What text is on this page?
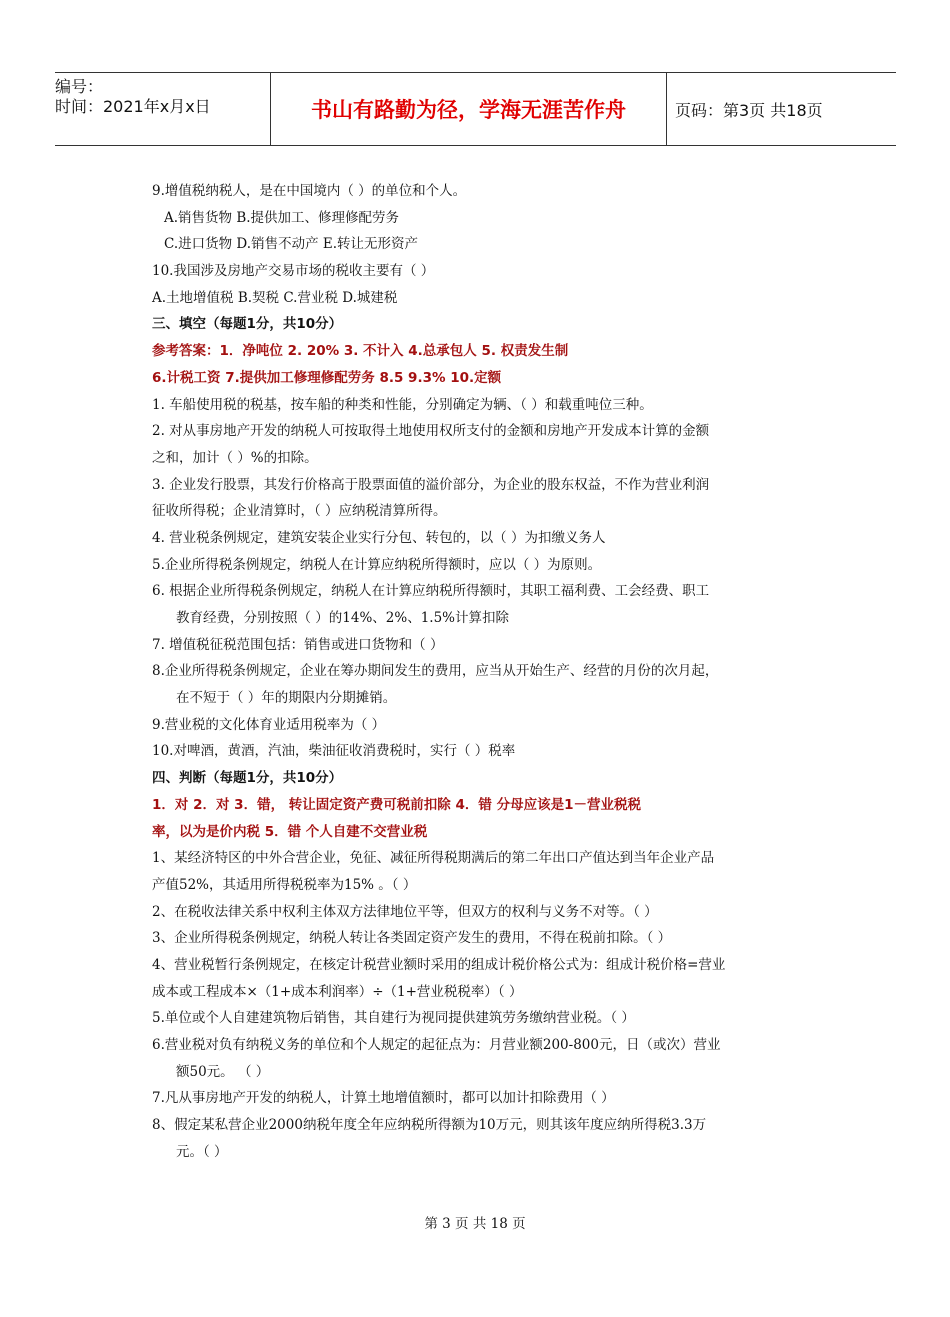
编号：
时间：2021年x月x日	书山有路勤为径，学海无涯苦作舟	页码：第3页 共18页
9.增值税纳税人，是在中国境内（ ）的单位和个人。
A.销售货物 B.提供加工、修理修配劳务
C.进口货物 D.销售不动产 E.转让无形资产
10.我国涉及房地产交易市场的税收主要有（ ）
A.土地增值税 B.契税 C.营业税 D.城建税
三、填空（每题1分，共10分）
参考答案：1．净吨位 2. 20% 3. 不计入 4.总承包人 5. 权责发生制
6.计税工资 7.提供加工修理修配劳务 8.5 9.3% 10.定额
1. 车船使用税的税基，按车船的种类和性能，分别确定为辆、（ ）和载重吨位三种。
2. 对从事房地产开发的纳税人可按取得土地使用权所支付的金额和房地产开发成本计算的金额
之和，加计（ ）%的扣除。
3. 企业发行股票，其发行价格高于股票面值的溢价部分，为企业的股东权益，不作为营业利润
征收所得税；企业清算时，（ ）应纳税清算所得。
4. 营业税条例规定，建筑安装企业实行分包、转包的，以（ ）为扣缴义务人
5.企业所得税条例规定，纳税人在计算应纳税所得额时，应以（ ）为原则。
6. 根据企业所得税条例规定，纳税人在计算应纳税所得额时，其职工福利费、工会经费、职工
教育经费，分别按照（ ）的14%、2%、1.5%计算扣除
7. 增值税征税范围包括：销售或进口货物和（ ）
8.企业所得税条例规定，企业在筹办期间发生的费用，应当从开始生产、经营的月份的次月起，
在不短于（ ）年的期限内分期摊销。
9.营业税的文化体育业适用税率为（ ）
10.对啤酒，黄酒，汽油，柴油征收消费税时，实行（ ）税率
四、判断（每题1分，共10分）
1．对 2．对 3．错， 转让固定资产费可税前扣除 4．错 分母应该是1－营业税税
率，以为是价内税 5．错 个人自建不交营业税
1、某经济特区的中外合营企业，免征、减征所得税期满后的第二年出口产值达到当年企业产品
产值52%，其适用所得税税率为15% 。（ ）
2、在税收法律关系中权利主体双方法律地位平等，但双方的权利与义务不对等。（ ）
3、企业所得税条例规定，纳税人转让各类固定资产发生的费用，不得在税前扣除。（ ）
4、营业税暂行条例规定，在核定计税营业额时采用的组成计税价格公式为：组成计税价格=营业
成本或工程成本×（1+成本利润率）÷（1+营业税税率）（ ）
5.单位或个人自建建筑物后销售，其自建行为视同提供建筑劳务缴纳营业税。（ ）
6.营业税对负有纳税义务的单位和个人规定的起征点为：月营业额200-800元，日（或次）营业
额50元。 （ ）
7.凡从事房地产开发的纳税人，计算土地增值额时，都可以加计扣除费用（ ）
8、假定某私营企业2000纳税年度全年应纳税所得额为10万元，则其该年度应纳所得税3.3万
元。（ ）
第 3 页 共 18 页
